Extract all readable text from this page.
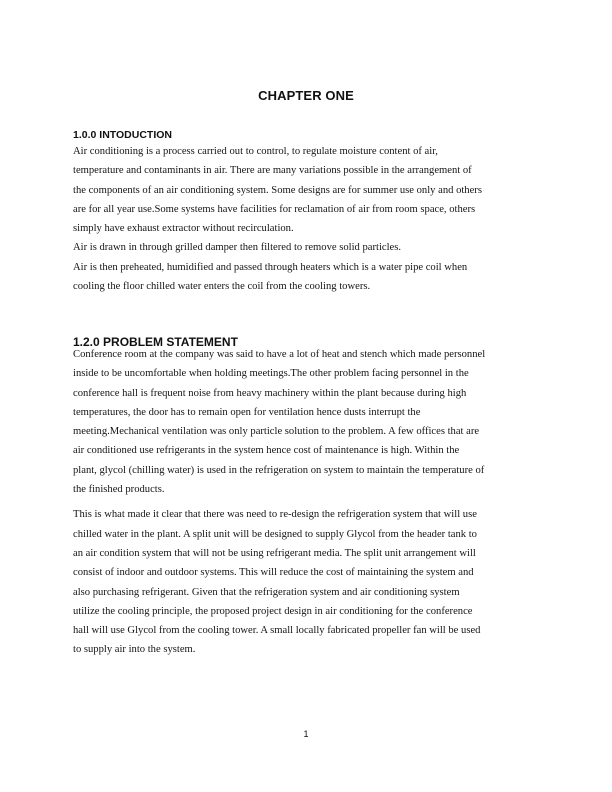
CHAPTER ONE
1.0.0 INTODUCTION

Air conditioning is a process carried out to control, to regulate moisture content of air,

temperature and contaminants in air. There are many variations possible in the arrangement of

the components of an air conditioning system. Some designs are for summer use only and others

are for all year use.Some systems have facilities for reclamation of air from room space, others

simply have exhaust extractor without recirculation.

Air is drawn in through grilled damper then filtered to remove solid particles.

Air is then preheated, humidified and passed through heaters which is a water pipe coil when

cooling the floor chilled water enters the coil from the cooling towers.

1.2.0 PROBLEM STATEMENT

Conference room at the company was said to have a lot of heat and stench which made personnel

inside to be uncomfortable when holding meetings.The other problem facing personnel in the

conference hall is frequent noise from heavy machinery within the plant because during high

temperatures, the door has to remain open for ventilation hence dusts interrupt the

meeting.Mechanical ventilation was only particle solution to the problem. A few offices that are

air conditioned use refrigerants in the system hence cost of maintenance is high. Within the

plant, glycol (chilling water) is used in the refrigeration on system to maintain the temperature of

the finished products.

This is what made it clear that there was need to re-design the refrigeration system that will use

chilled water in the plant. A split unit will be designed to supply Glycol from the header tank to

an air condition system that will not be using refrigerant media. The split unit arrangement will

consist of indoor and outdoor systems. This will reduce the cost of maintaining the system and

also purchasing refrigerant. Given that the refrigeration system and air conditioning system

utilize the cooling principle, the proposed project design in air conditioning for the conference

hall will use Glycol from the cooling tower. A small locally fabricated propeller fan will be used

to supply air into the system.

1
